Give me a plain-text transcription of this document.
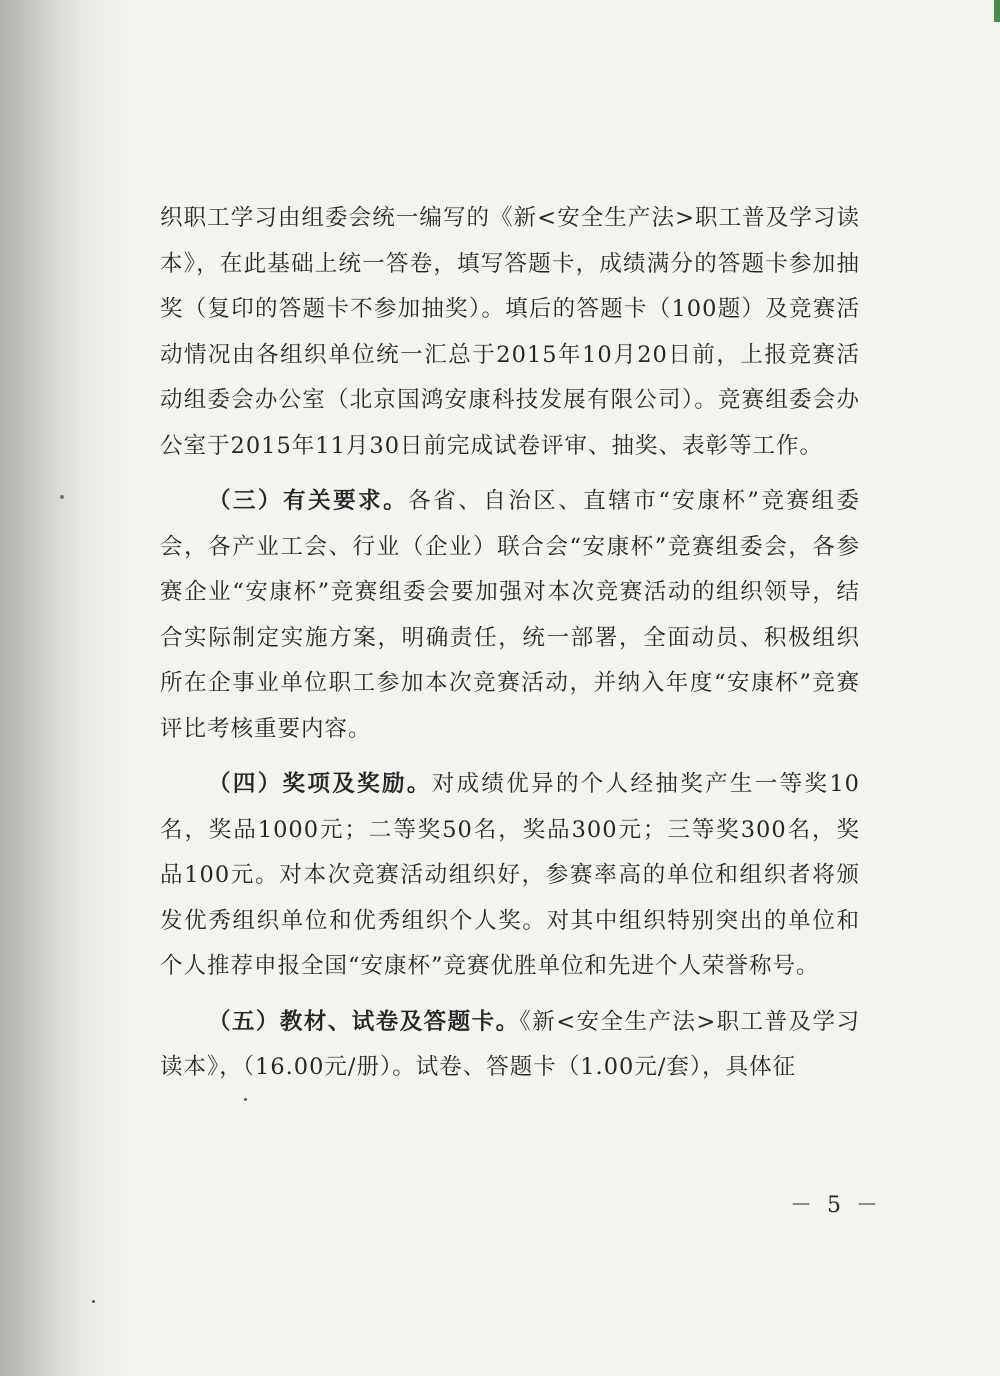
织职工学习由组委会统一编写的《新<安全生产法>职工普及学习读本》，在此基础上统一答卷，填写答题卡，成绩满分的答题卡参加抽奖（复印的答题卡不参加抽奖）。填后的答题卡（100题）及竞赛活动情况由各组织单位统一汇总于2015年10月20日前，上报竞赛活动组委会办公室（北京国鸿安康科技发展有限公司）。竞赛组委会办公室于2015年11月30日前完成试卷评审、抽奖、表彰等工作。

（三）有关要求。各省、自治区、直辖市“安康杯”竞赛组委会，各产业工会、行业（企业）联合会“安康杯”竞赛组委会，各参赛企业“安康杯”竞赛组委会要加强对本次竞赛活动的组织领导，结合实际制定实施方案，明确责任，统一部署，全面动员、积极组织所在企事业单位职工参加本次竞赛活动，并纳入年度“安康杯”竞赛评比考核重要内容。

（四）奖项及奖励。对成绩优异的个人经抽奖产生一等奖10名，奖品1000元；二等奖50名，奖品300元；三等奖300名，奖品100元。对本次竞赛活动组织好，参赛率高的单位和组织者将颁发优秀组织单位和优秀组织个人奖。对其中组织特别突出的单位和个人推荐申报全国“安康杯”竞赛优胜单位和先进个人荣誉称号。

（五）教材、试卷及答题卡。《新<安全生产法>职工普及学习读本》，（16.00元/册）。试卷、答题卡（1.00元/套），具体征

－ 5 －
